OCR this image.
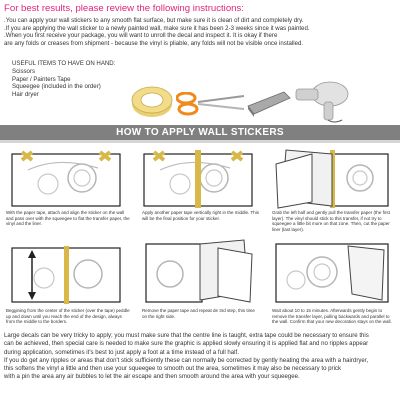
For best results, please review the following instructions:
.You can apply your wall stickers to any smooth flat surface, but make sure it is clean of dirt and completely dry.
.If you are applying the wall sticker to a newly painted wall, make sure it has been 2-3 weeks since it was painted.
.When you first receive your package, you will want to unroll the decal and inspect it. It is okay if there
are any folds or creases from shipment - because the vinyl is pliable, any folds will not be visible once installed.
USEFUL ITEMS TO HAVE ON HAND:
Scissors
Paper / Painters Tape
Squeegee (included in the order)
Hair dryer
HOW TO APPLY WALL STICKERS
With the paper tape, attach and align the sticker on the wall and pass over with the squeegee to flat the transfer paper, the vinyl and the liner.
Apply another paper tape vertically right in the middle. This will be the final position for your sticker.
Grab the left half and gently pull the transfer paper (the first layer). The vinyl should stick to this transfer, if not try to squeegee a little bit more on that zone. Then, cut the paper liner (last layer).
Beggining from the center of the sticker (over the tape) peddle up and down until you reach the end of the design, always from the middle to the borders.
Remove the paper tape and repeat de 3rd step, this time on the right side.
Wait about 10 to 15 minutes. Afterwards gently begin to remove the transfer layer, pulling backwards and parallel to the wall. Confirm that your new decoration stays on the wall.
Large decals can be very tricky to apply; you must make sure that the centre line is taught, extra tape could be necessary to ensure this
can be achieved, then special care is needed to make sure the graphic is applied slowly ensuring it is applied flat and no ripples appear
during application, sometimes it's best to just apply a foot at a time instead of a full half.
If you do get any ripples or areas that don't stick sufficiently these can normally be corrected by gently heating the area with a hairdryer,
this softens the vinyl a little and then use your squeegee to smooth out the area, sometimes it may also be necessary to prick
with a pin the area any air bubbles to let the air escape and then smooth around the area with your squeegee.
